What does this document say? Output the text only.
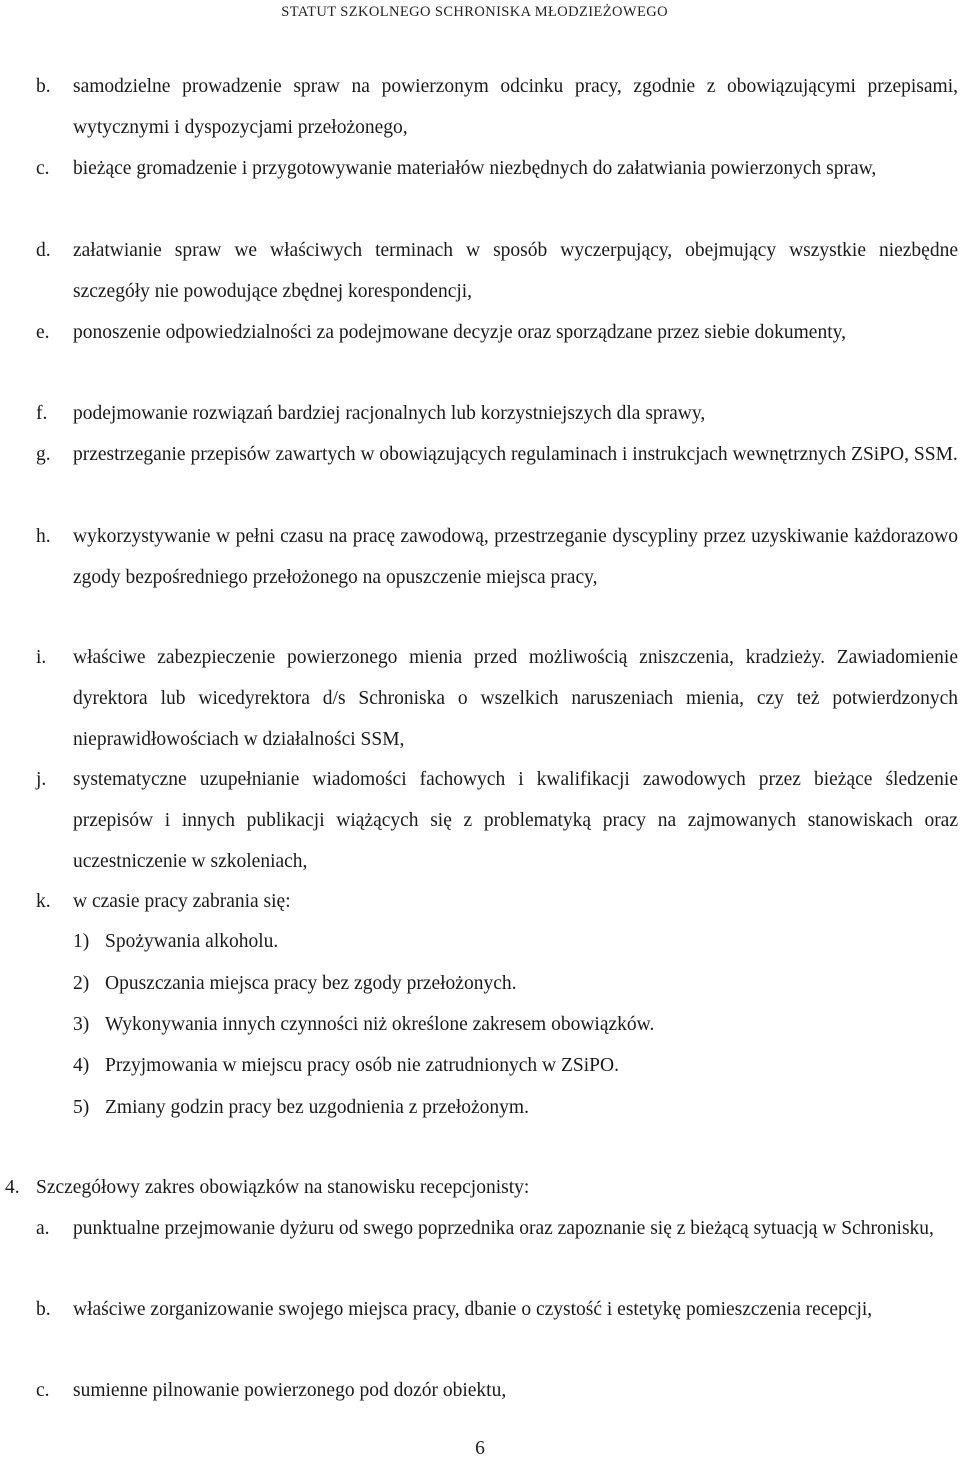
STATUT SZKOLNEGO SCHRONISKA MŁODZIEŻOWEGO
b. samodzielne prowadzenie spraw na powierzonym odcinku pracy, zgodnie z obowiązującymi przepisami, wytycznymi i dyspozycjami przełożonego,
c. bieżące gromadzenie i przygotowywanie materiałów niezbędnych do załatwiania powierzonych spraw,
d. załatwianie spraw we właściwych terminach w sposób wyczerpujący, obejmujący wszystkie niezbędne szczegóły nie powodujące zbędnej korespondencji,
e. ponoszenie odpowiedzialności za podejmowane decyzje oraz sporządzane przez siebie dokumenty,
f. podejmowanie rozwiązań bardziej racjonalnych lub korzystniejszych dla sprawy,
g. przestrzeganie przepisów zawartych w obowiązujących regulaminach i instrukcjach wewnętrznych ZSiPO, SSM.
h. wykorzystywanie w pełni czasu na pracę zawodową, przestrzeganie dyscypliny przez uzyskiwanie każdorazowo zgody bezpośredniego przełożonego na opuszczenie miejsca pracy,
i. właściwe zabezpieczenie powierzonego mienia przed możliwością zniszczenia, kradzieży. Zawiadomienie dyrektora lub wicedyrektora d/s Schroniska o wszelkich naruszeniach mienia, czy też potwierdzonych nieprawidłowościach w działalności SSM,
j. systematyczne uzupełnianie wiadomości fachowych i kwalifikacji zawodowych przez bieżące śledzenie przepisów i innych publikacji wiążących się z problematyką pracy na zajmowanych stanowiskach oraz uczestniczenie w szkoleniach,
k. w czasie pracy zabrania się:
1) Spożywania alkoholu.
2) Opuszczania miejsca pracy bez zgody przełożonych.
3) Wykonywania innych czynności niż określone zakresem obowiązków.
4) Przyjmowania w miejscu pracy osób nie zatrudnionych w ZSiPO.
5) Zmiany godzin pracy bez uzgodnienia z przełożonym.
4. Szczegółowy zakres obowiązków na stanowisku recepcjonisty:
a. punktualne przejmowanie dyżuru od swego poprzednika oraz zapoznanie się z bieżącą sytuacją w Schronisku,
b. właściwe zorganizowanie swojego miejsca pracy, dbanie o czystość i estetykę pomieszczenia recepcji,
c. sumienne pilnowanie powierzonego pod dozór obiektu,
6
